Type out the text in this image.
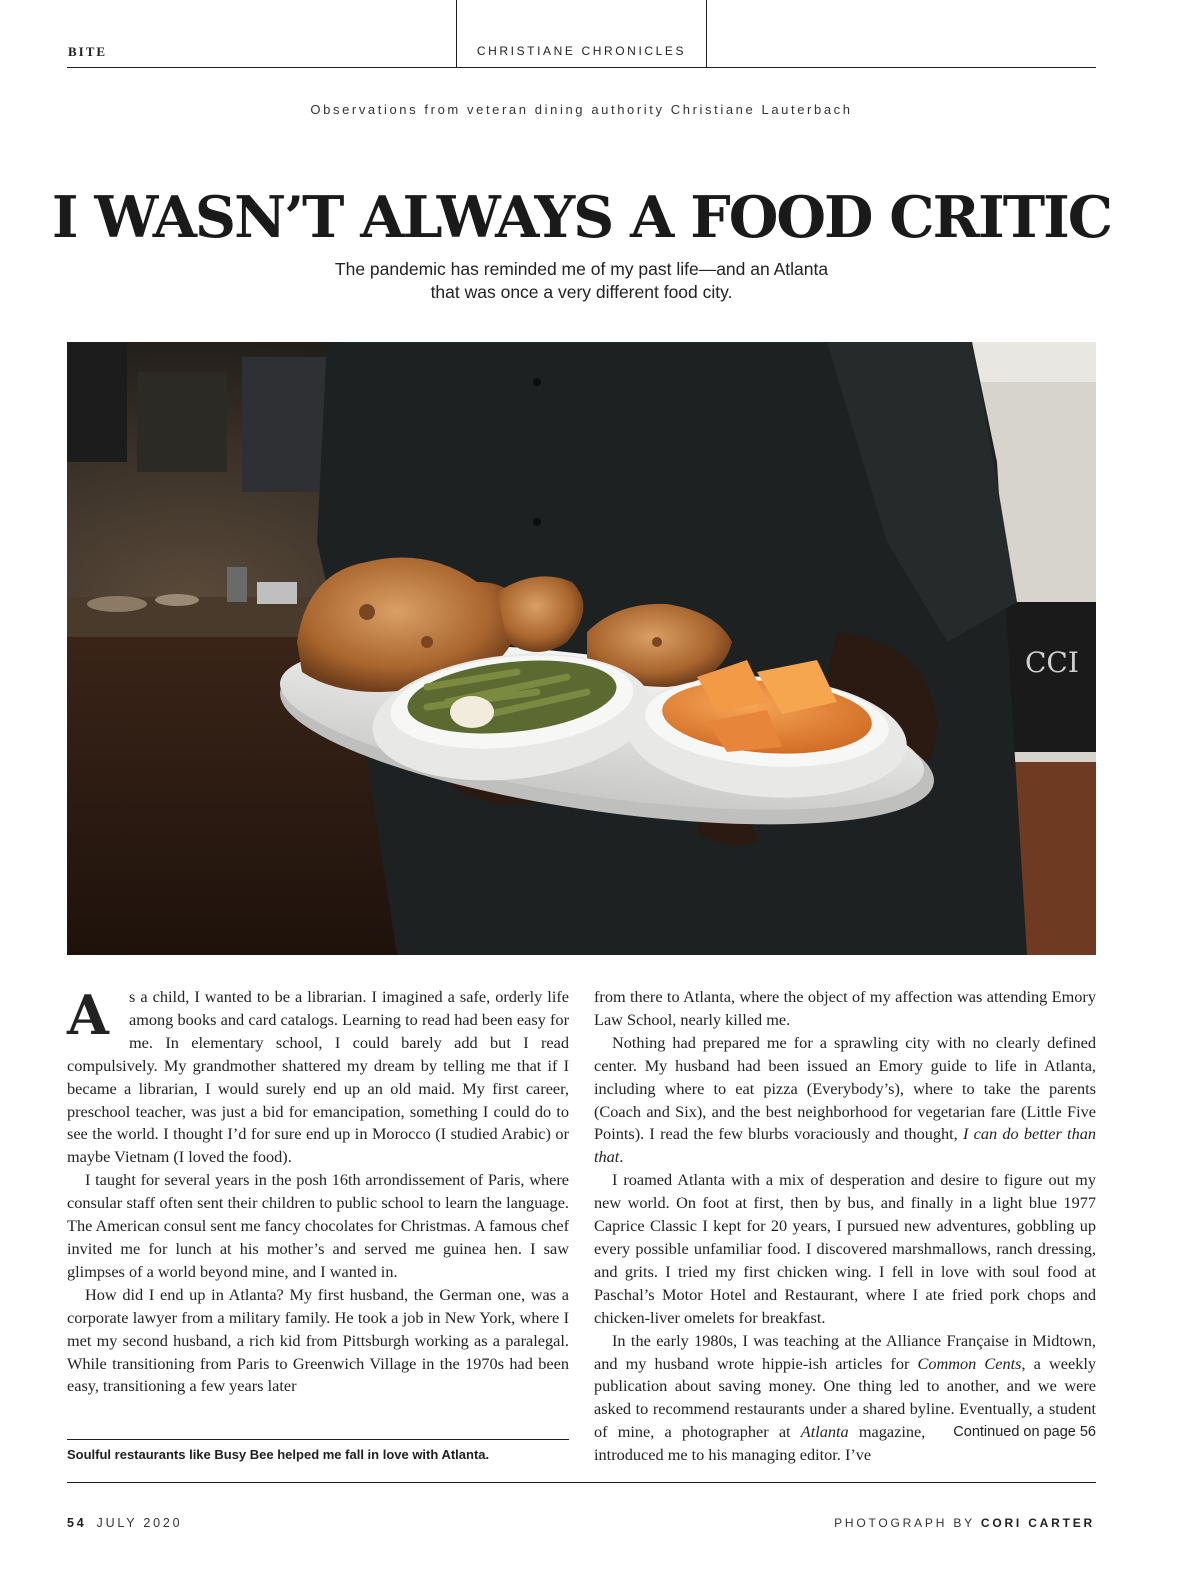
BITE	CHRISTIANE CHRONICLES
Observations from veteran dining authority Christiane Lauterbach
I WASN’T ALWAYS A FOOD CRITIC
The pandemic has reminded me of my past life—and an Atlanta
that was once a very different food city.
CCI

A	s a child, I wanted to be a librarian. I imagined a safe, orderly life among books and card catalogs. Learning to read had been easy for me. In elementary school, I could barely add but I read compulsively. My grandmother shattered my dream by telling me that if I became a librarian, I would surely end up an old maid. My first career, preschool teacher, was just a bid for emancipation, something I could do to see the world. I thought I’d for sure end up in Morocco (I studied Arabic) or maybe Vietnam (I loved the food).

I taught for several years in the posh 16th arrondissement of Paris, where consular staff often sent their children to public school to learn the language. The American consul sent me fancy chocolates for Christmas. A famous chef invited me for lunch at his mother’s and served me guinea hen. I saw glimpses of a world beyond mine, and I wanted in.

How did I end up in Atlanta? My first husband, the German one, was a corporate lawyer from a military family. He took a job in New York, where I met my second husband, a rich kid from Pittsburgh working as a paralegal. While transitioning from Paris to Greenwich Village in the 1970s had been easy, transitioning a few years later

from there to Atlanta, where the object of my affection was attending Emory Law School, nearly killed me.

Nothing had prepared me for a sprawling city with no clearly defined center. My husband had been issued an Emory guide to life in Atlanta, including where to eat pizza (Everybody’s), where to take the parents (Coach and Six), and the best neighborhood for vegetarian fare (Little Five Points). I read the few blurbs voraciously and thought, I can do better than that.

I roamed Atlanta with a mix of desperation and desire to figure out my new world. On foot at first, then by bus, and finally in a light blue 1977 Caprice Classic I kept for 20 years, I pursued new adventures, gobbling up every possible unfamiliar food. I discovered marshmallows, ranch dressing, and grits. I tried my first chicken wing. I fell in love with soul food at Paschal’s Motor Hotel and Restaurant, where I ate fried pork chops and chicken-liver omelets for breakfast.

In the early 1980s, I was teaching at the Alliance Française in Midtown, and my husband wrote hippie-ish articles for Common Cents, a weekly publication about saving money. One thing led to another, and we were asked to recommend restaurants under a shared byline. Eventually, a student of mine, a photographer at Atlanta	Continued on page 56
magazine, introduced me to his managing editor. I’ve

Soulful restaurants like Busy Bee helped me fall in love with Atlanta.
54 JULY 2020	PHOTOGRAPH BY CORI CARTER
